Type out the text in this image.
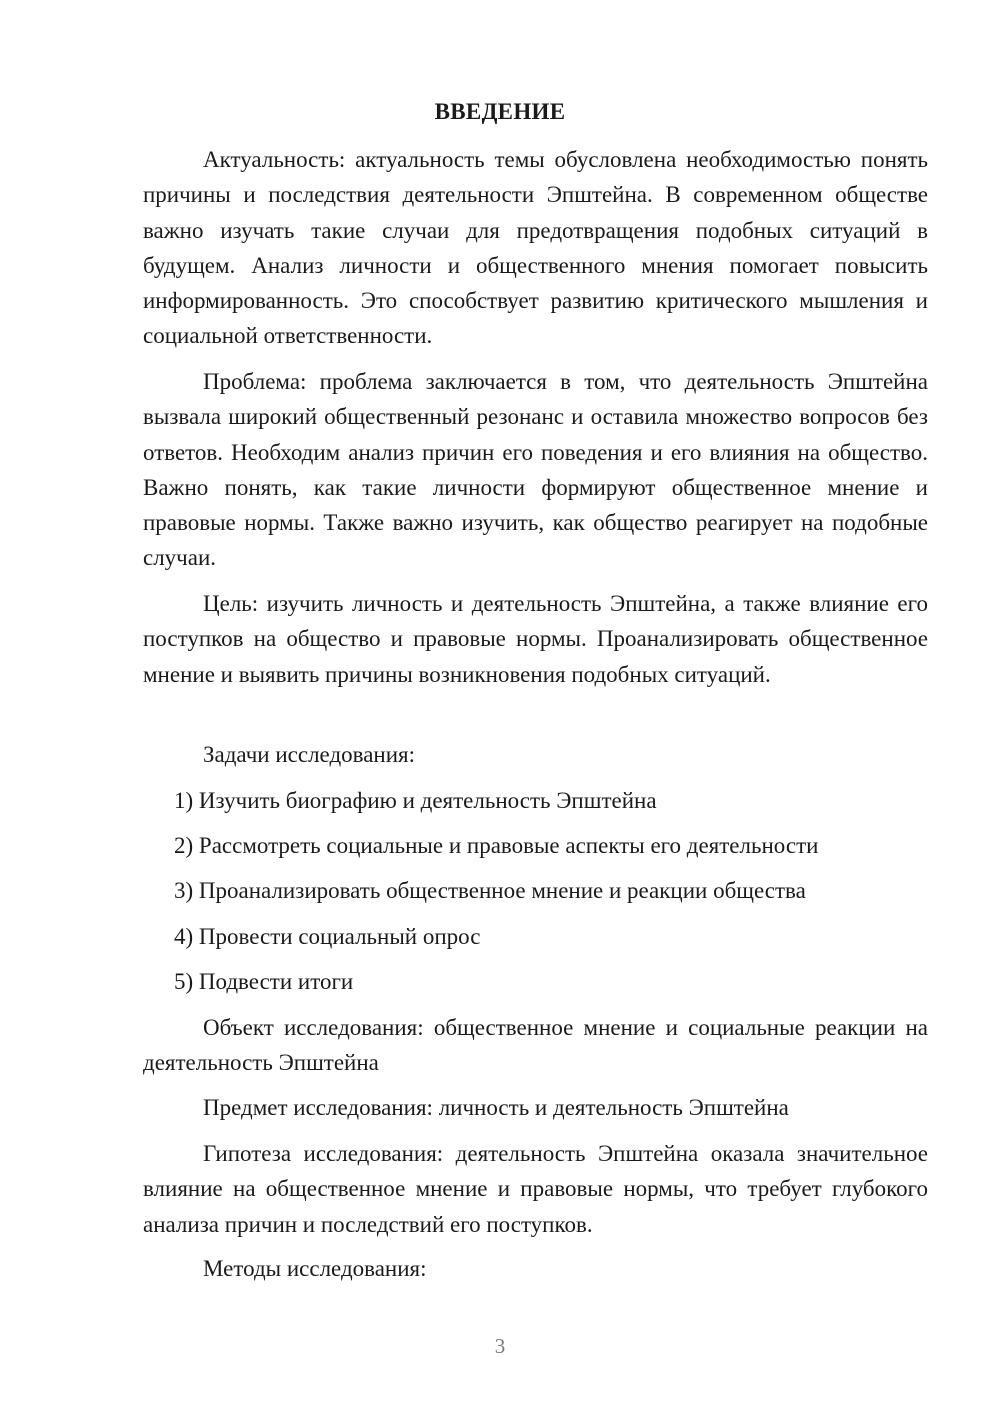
ВВЕДЕНИЕ

Актуальность: актуальность темы обусловлена необходимостью понять причины и последствия деятельности Эпштейна. В современном обществе важно изучать такие случаи для предотвращения подобных ситуаций в будущем. Анализ личности и общественного мнения помогает повысить информированность. Это способствует развитию критического мышления и социальной ответственности.

Проблема: проблема заключается в том, что деятельность Эпштейна вызвала широкий общественный резонанс и оставила множество вопросов без ответов. Необходим анализ причин его поведения и его влияния на общество. Важно понять, как такие личности формируют общественное мнение и правовые нормы. Также важно изучить, как общество реагирует на подобные случаи.

Цель: изучить личность и деятельность Эпштейна, а также влияние его поступков на общество и правовые нормы. Проанализировать общественное мнение и выявить причины возникновения подобных ситуаций.

Задачи исследования:

1) Изучить биографию и деятельность Эпштейна

2) Рассмотреть социальные и правовые аспекты его деятельности

3) Проанализировать общественное мнение и реакции общества

4) Провести социальный опрос

5) Подвести итоги

Объект исследования: общественное мнение и социальные реакции на деятельность Эпштейна

Предмет исследования: личность и деятельность Эпштейна

Гипотеза исследования: деятельность Эпштейна оказала значительное влияние на общественное мнение и правовые нормы, что требует глубокого анализа причин и последствий его поступков.

Методы исследования:

3
